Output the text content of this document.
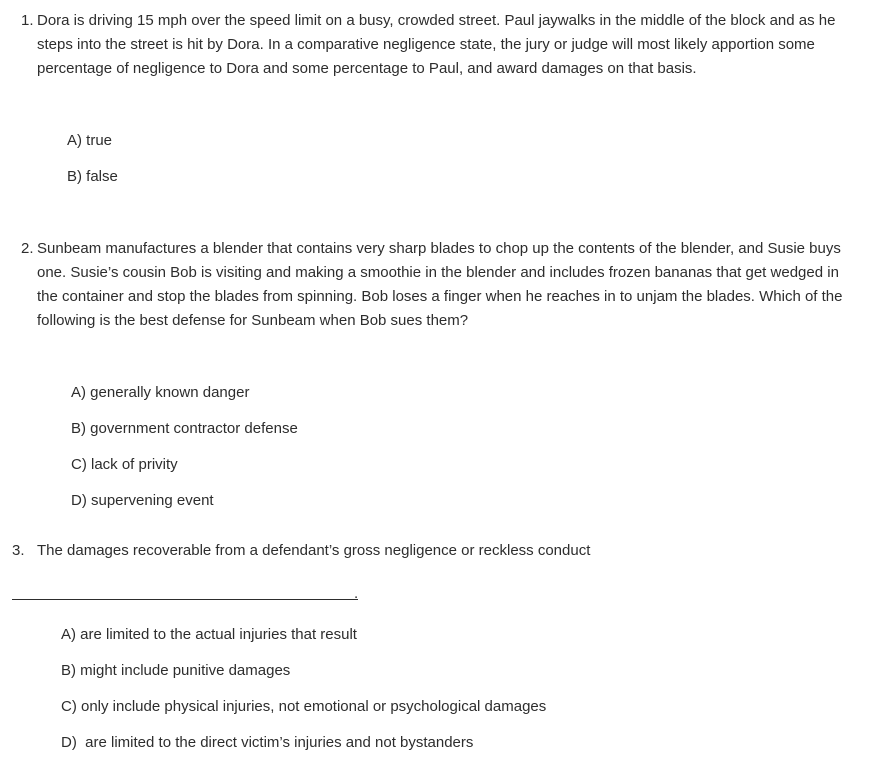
1. Dora is driving 15 mph over the speed limit on a busy, crowded street. Paul jaywalks in the middle of the block and as he steps into the street is hit by Dora. In a comparative negligence state, the jury or judge will most likely apportion some percentage of negligence to Dora and some percentage to Paul, and award damages on that basis.
A) true
B) false
2. Sunbeam manufactures a blender that contains very sharp blades to chop up the contents of the blender, and Susie buys one. Susie’s cousin Bob is visiting and making a smoothie in the blender and includes frozen bananas that get wedged in the container and stop the blades from spinning. Bob loses a finger when he reaches in to unjam the blades. Which of the following is the best defense for Sunbeam when Bob sues them?
A) generally known danger
B) government contractor defense
C) lack of privity
D) supervening event
3. The damages recoverable from a defendant’s gross negligence or reckless conduct
.
A) are limited to the actual injuries that result
B) might include punitive damages
C) only include physical injuries, not emotional or psychological damages
D)  are limited to the direct victim’s injuries and not bystanders
